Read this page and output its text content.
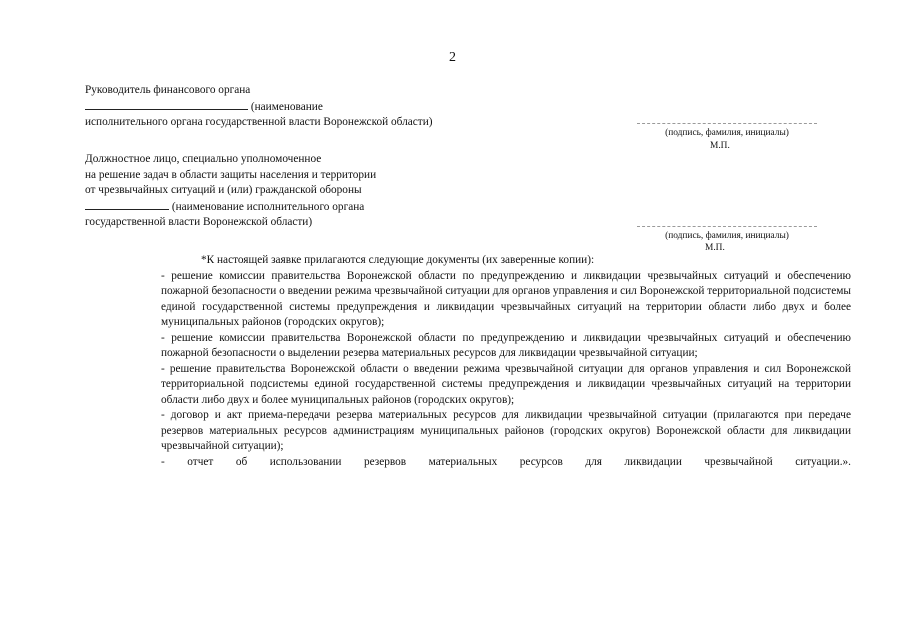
2
Руководитель финансового органа
(наименование
исполнительного органа государственной власти Воронежской области)
(подпись, фамилия, инициалы)
М.П.
Должностное лицо, специально уполномоченное
на решение задач в области защиты населения и территории
от чрезвычайных ситуаций и (или) гражданской обороны
(наименование исполнительного органа
государственной власти Воронежской области)
(подпись, фамилия, инициалы)
М.П.
*К настоящей заявке прилагаются следующие документы (их заверенные копии):
- решение комиссии правительства Воронежской области по предупреждению и ликвидации чрезвычайных ситуаций и обеспечению пожарной безопасности о введении режима чрезвычайной ситуации для органов управления и сил Воронежской территориальной подсистемы единой государственной системы предупреждения и ликвидации чрезвычайных ситуаций на территории области либо двух и более муниципальных районов (городских округов);
- решение комиссии правительства Воронежской области по предупреждению и ликвидации чрезвычайных ситуаций и обеспечению пожарной безопасности о выделении резерва материальных ресурсов для ликвидации чрезвычайной ситуации;
- решение правительства Воронежской области о введении режима чрезвычайной ситуации для органов управления и сил Воронежской территориальной подсистемы единой государственной системы предупреждения и ликвидации чрезвычайных ситуаций на территории области либо двух и более муниципальных районов (городских округов);
- договор и акт приема-передачи резерва материальных ресурсов для ликвидации чрезвычайной ситуации (прилагаются при передаче резервов материальных ресурсов администрациям муниципальных районов (городских округов) Воронежской области для ликвидации чрезвычайной ситуации);
- отчет об использовании резервов материальных ресурсов для ликвидации чрезвычайной ситуации.».
